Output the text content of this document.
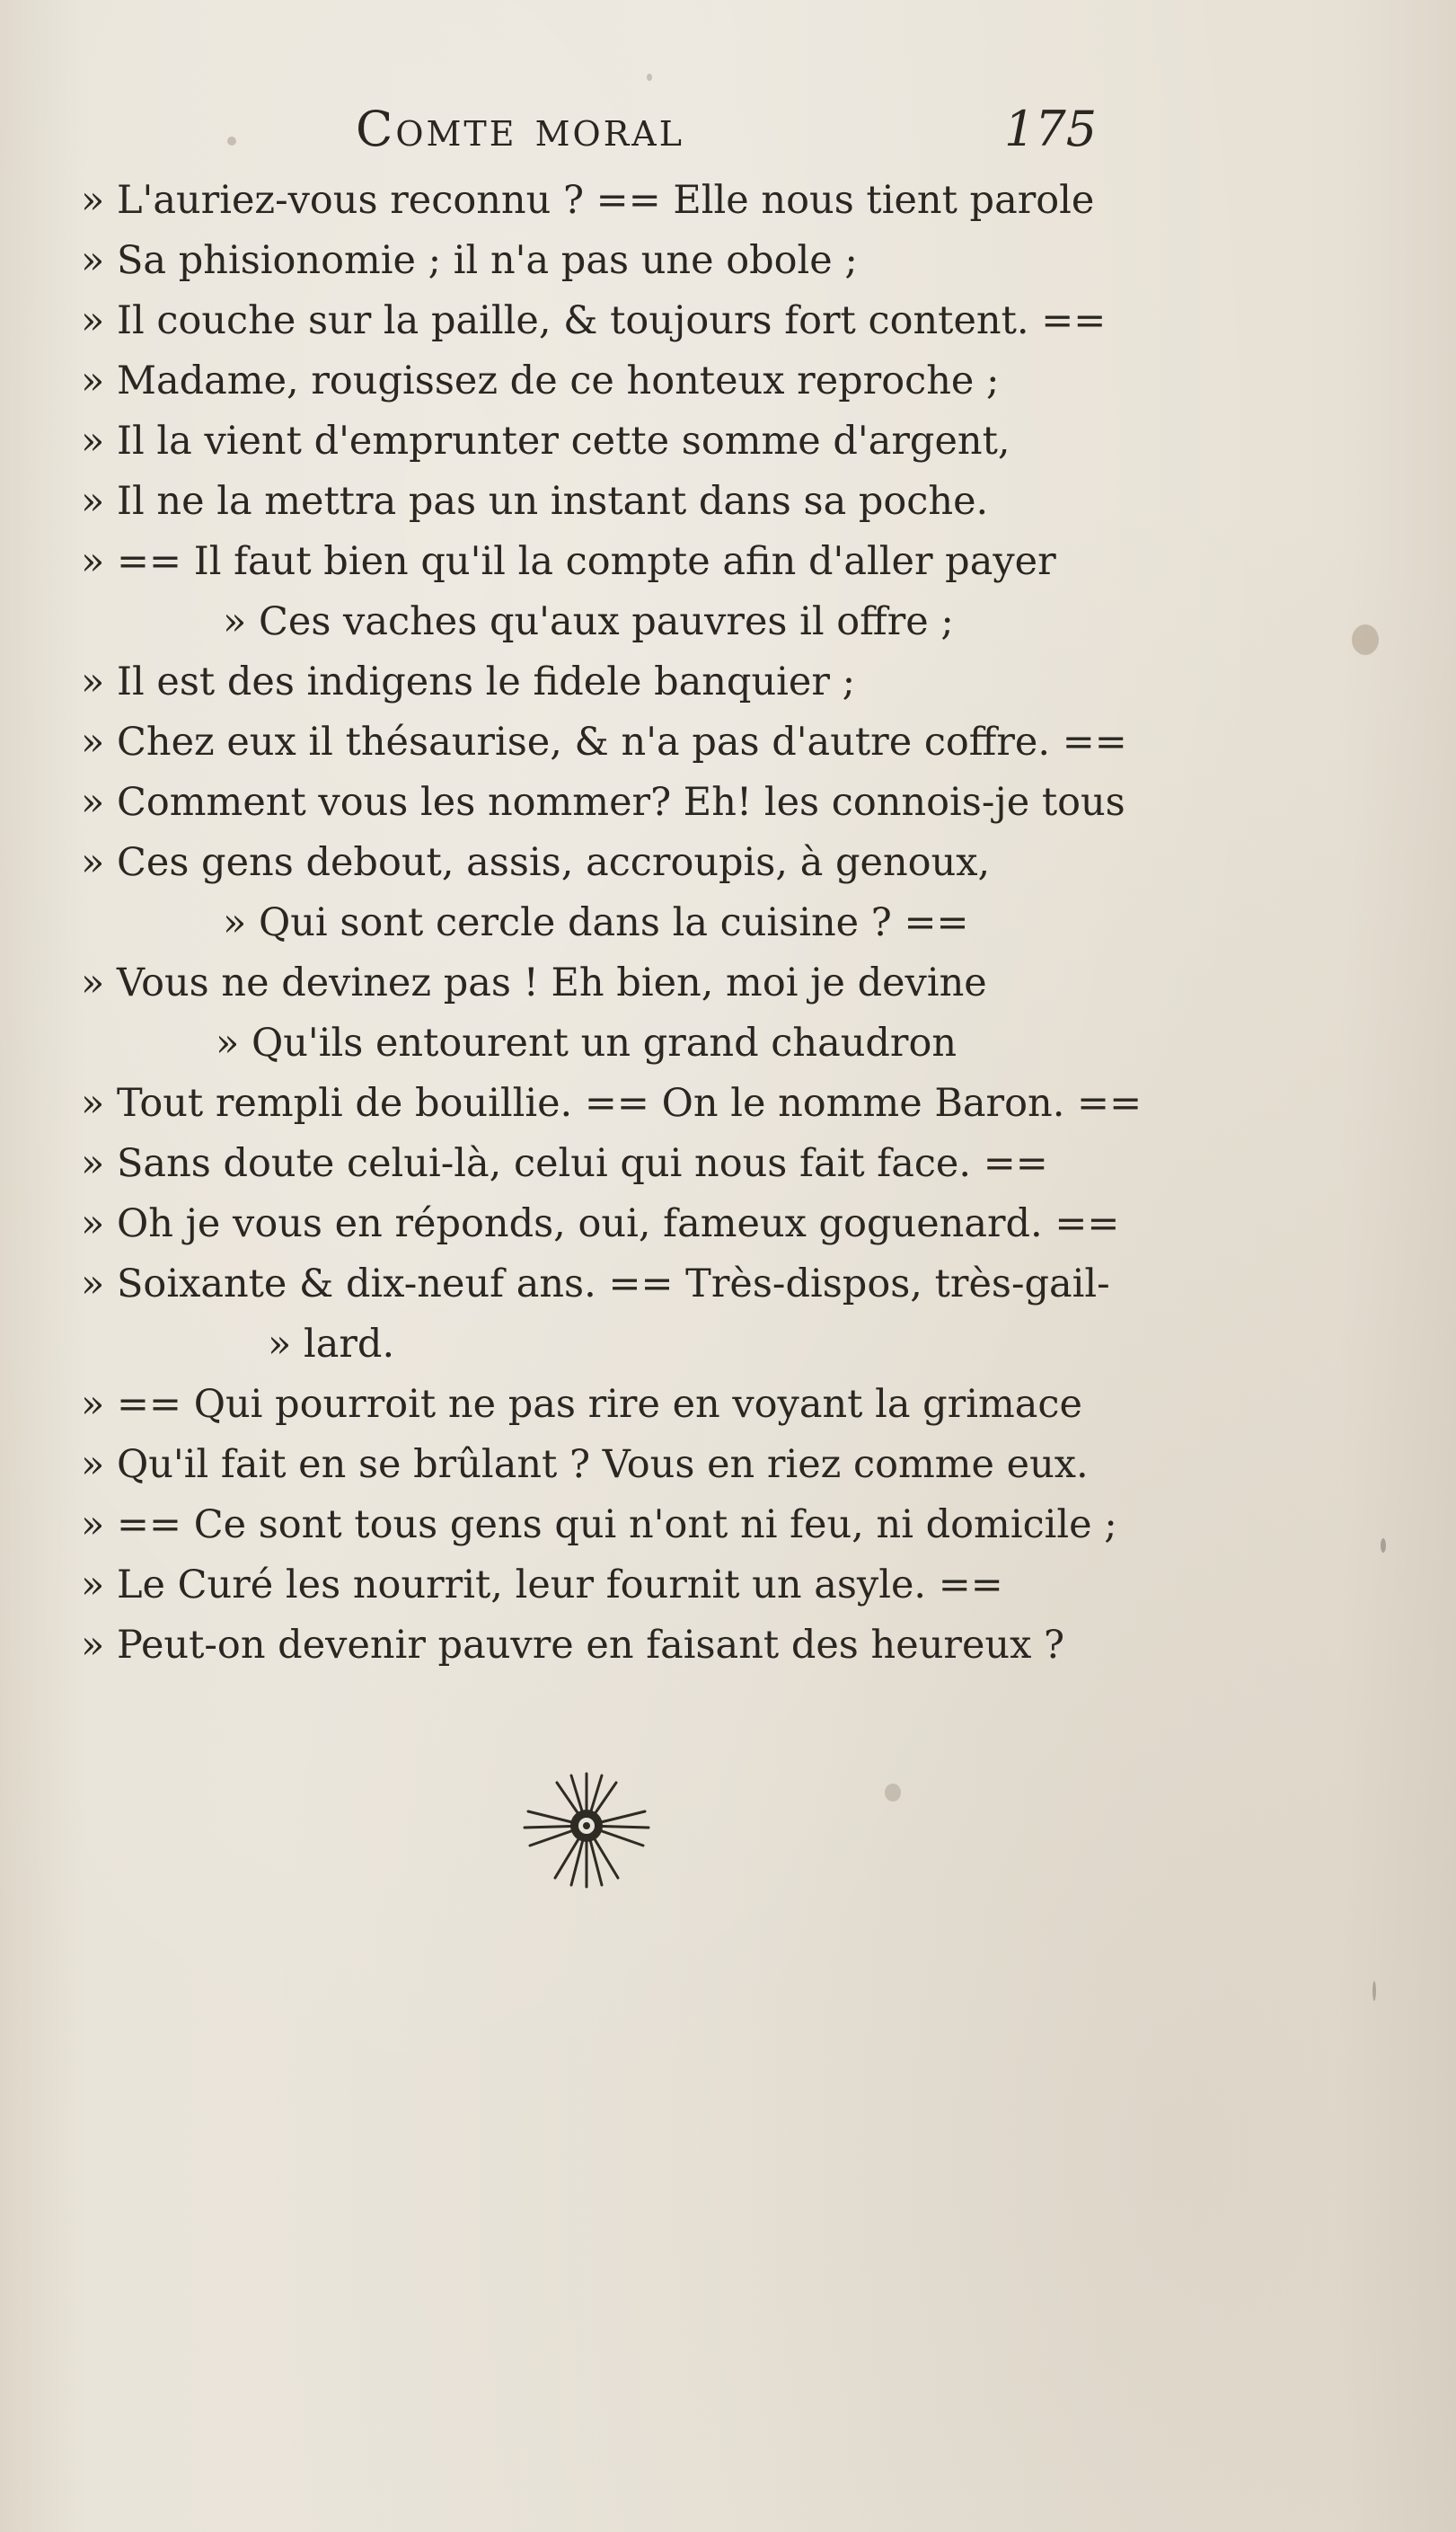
Comte moral	175
» L'auriez-vous reconnu ? == Elle nous tient parole
» Sa phisionomie ; il n'a pas une obole ;
» Il couche sur la paille, & toujours fort content. ==
» Madame, rougissez de ce honteux reproche ;
» Il la vient d'emprunter cette somme d'argent,
» Il ne la mettra pas un instant dans sa poche.
» == Il faut bien qu'il la compte afin d'aller payer
» Ces vaches qu'aux pauvres il offre ;
» Il est des indigens le fidele banquier ;
» Chez eux il thésaurise, & n'a pas d'autre coffre. ==
» Comment vous les nommer? Eh! les connois-je tous
» Ces gens debout, assis, accroupis, à genoux,
» Qui sont cercle dans la cuisine ? ==
» Vous ne devinez pas ! Eh bien, moi je devine
» Qu'ils entourent un grand chaudron
» Tout rempli de bouillie. == On le nomme Baron. ==
» Sans doute celui-là, celui qui nous fait face. ==
» Oh je vous en réponds, oui, fameux goguenard. ==
» Soixante & dix-neuf ans. == Très-dispos, très-gail-
» lard.
» == Qui pourroit ne pas rire en voyant la grimace
» Qu'il fait en se brûlant ? Vous en riez comme eux.
» == Ce sont tous gens qui n'ont ni feu, ni domicile ;
» Le Curé les nourrit, leur fournit un asyle. ==
» Peut-on devenir pauvre en faisant des heureux ?
